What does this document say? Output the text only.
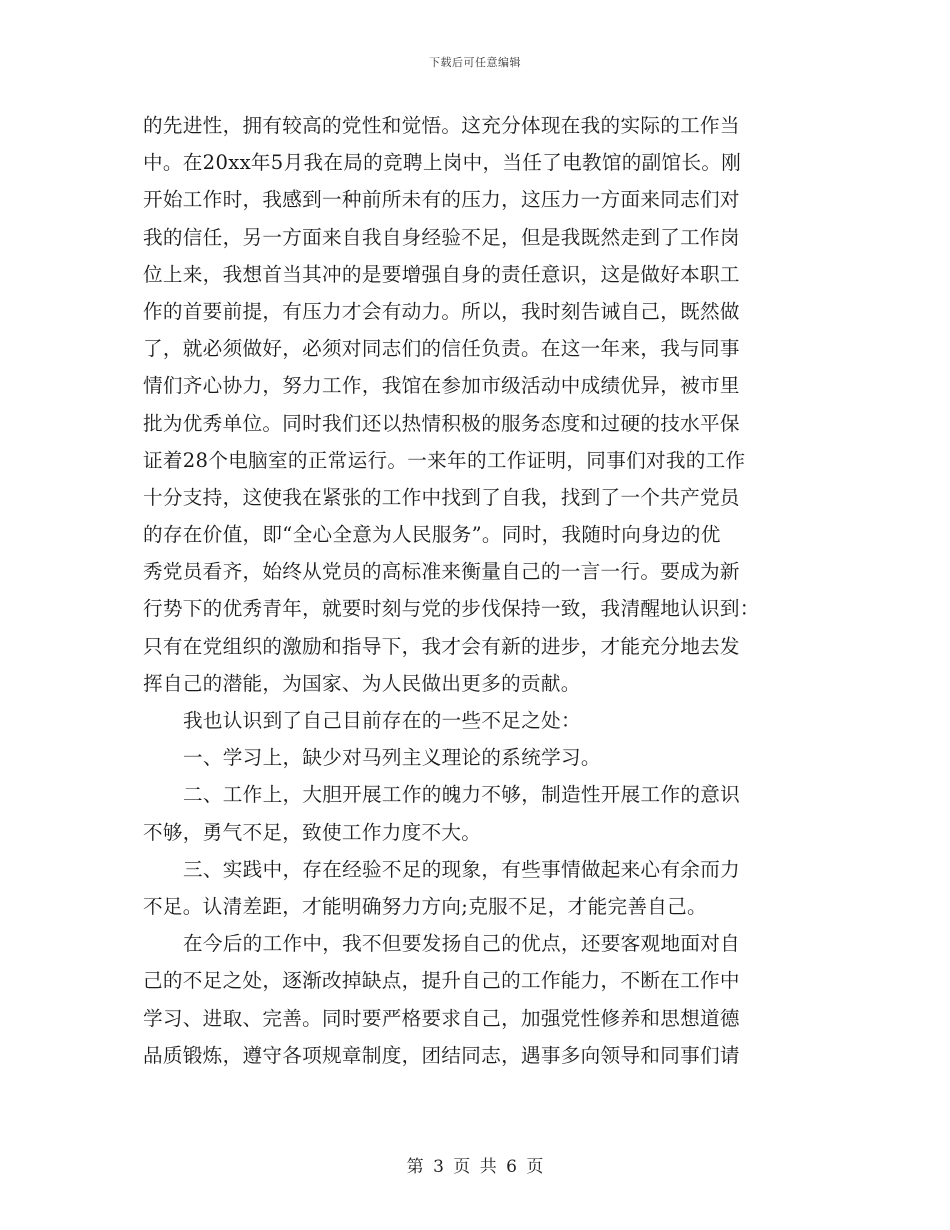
下载后可任意编辑
的先进性，拥有较高的党性和觉悟。这充分体现在我的实际的工作当
中。在20xx年5月我在局的竞聘上岗中，当任了电教馆的副馆长。刚
开始工作时，我感到一种前所未有的压力，这压力一方面来同志们对
我的信任，另一方面来自我自身经验不足，但是我既然走到了工作岗
位上来，我想首当其冲的是要增强自身的责任意识，这是做好本职工
作的首要前提，有压力才会有动力。所以，我时刻告诫自己，既然做
了，就必须做好，必须对同志们的信任负责。在这一年来，我与同事
情们齐心协力，努力工作，我馆在参加市级活动中成绩优异，被市里
批为优秀单位。同时我们还以热情积极的服务态度和过硬的技水平保
证着28个电脑室的正常运行。一来年的工作证明，同事们对我的工作
十分支持，这使我在紧张的工作中找到了自我，找到了一个共产党员
的存在价值，即“全心全意为人民服务”。同时，我随时向身边的优
秀党员看齐，始终从党员的高标准来衡量自己的一言一行。要成为新
行势下的优秀青年，就要时刻与党的步伐保持一致，我清醒地认识到：
只有在党组织的激励和指导下，我才会有新的进步，才能充分地去发
挥自己的潜能，为国家、为人民做出更多的贡献。
我也认识到了自己目前存在的一些不足之处：
一、学习上，缺少对马列主义理论的系统学习。
二、工作上，大胆开展工作的魄力不够，制造性开展工作的意识
不够，勇气不足，致使工作力度不大。
三、实践中，存在经验不足的现象，有些事情做起来心有余而力
不足。认清差距，才能明确努力方向;克服不足，才能完善自己。
在今后的工作中，我不但要发扬自己的优点，还要客观地面对自
己的不足之处，逐渐改掉缺点，提升自己的工作能力，不断在工作中
学习、进取、完善。同时要严格要求自己，加强党性修养和思想道德
品质锻炼，遵守各项规章制度，团结同志，遇事多向领导和同事们请
第 3 页 共 6 页
